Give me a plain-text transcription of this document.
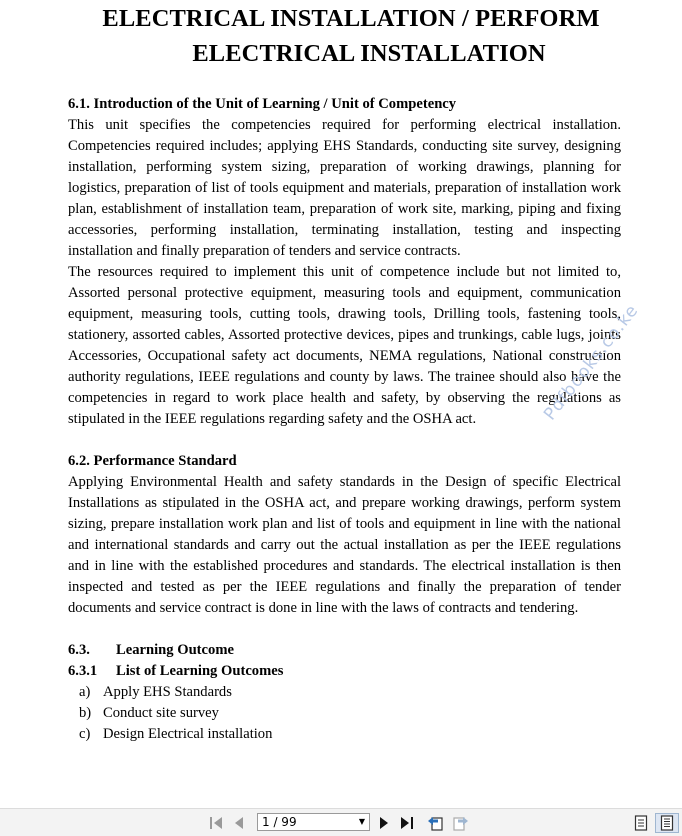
ELECTRICAL INSTALLATION / PERFORM
ELECTRICAL INSTALLATION

6.1. Introduction of the Unit of Learning / Unit of Competency

This unit specifies the competencies required for performing electrical installation. Competencies required includes; applying EHS Standards, conducting site survey, designing installation, performing system sizing, preparation of working drawings, planning for logistics, preparation of list of tools equipment and materials, preparation of installation work plan, establishment of installation team, preparation of work site, marking, piping and fixing accessories, performing installation, terminating installation, testing and inspecting installation and finally preparation of tenders and service contracts.

The resources required to implement this unit of competence include but not limited to, Assorted personal protective equipment, measuring tools and equipment, communication equipment, measuring tools, cutting tools, drawing tools, Drilling tools, fastening tools, stationery, assorted cables, Assorted protective devices, pipes and trunkings, cable lugs, joints Accessories, Occupational safety act documents, NEMA regulations, National construction authority regulations, IEEE regulations and county by laws. The trainee should also have the competencies in regard to work place health and safety, by observing the regulations as stipulated in the IEEE regulations regarding safety and the OSHA act.

6.2. Performance Standard

Applying Environmental Health and safety standards in the Design of specific Electrical Installations as stipulated in the OSHA act, and prepare working drawings, perform system sizing, prepare installation work plan and list of tools and equipment in line with the national and international standards and carry out the actual installation as per the IEEE regulations and in line with the established procedures and standards. The electrical installation is then inspected and tested as per the IEEE regulations and finally the preparation of tender documents and service contract is done in line with the laws of contracts and tendering.

6.3. Learning Outcome

6.3.1 List of Learning Outcomes

a) Apply EHS Standards
b) Conduct site survey
c) Design Electrical installation
Pdfbooks.co.ke
1 / 99	▼
